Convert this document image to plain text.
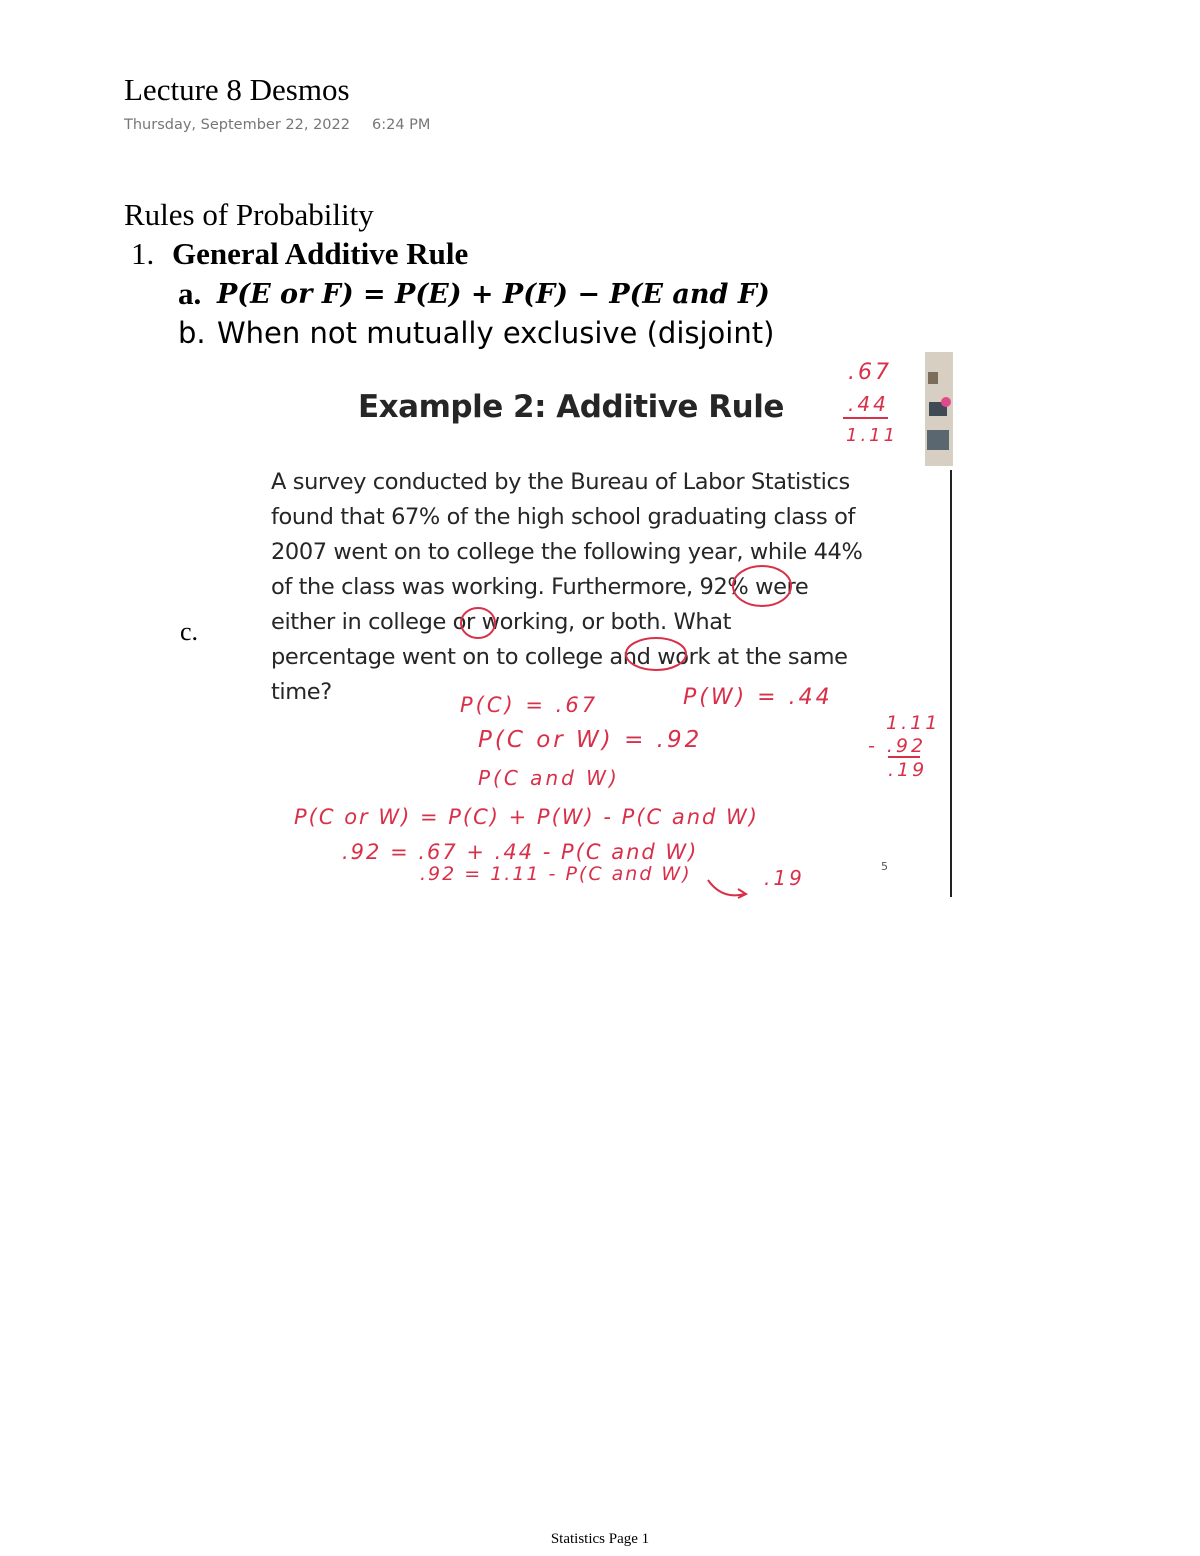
Lecture 8 Desmos
Thursday, September 22, 2022 6:24 PM
Rules of Probability
1. General Additive Rule
a. P(E or F) = P(E) + P(F) − P(E and F)
b. When not mutually exclusive (disjoint)
c.
Example 2: Additive Rule
A survey conducted by the Bureau of Labor Statistics
found that 67% of the high school graduating class of
2007 went on to college the following year, while 44%
of the class was working. Furthermore, 92% were
either in college or working, or both. What
percentage went on to college and work at the same
time?
5
.67
.44
1.11
P(C) = .67	P(W) = .44
P(C or W) = .92
P(C and W)
1.11
- .92
.19
P(C or W) = P(C) + P(W) - P(C and W)
.92 = .67 + .44 - P(C and W)
.92 = 1.11 - P(C and W)	.19
Statistics Page 1
